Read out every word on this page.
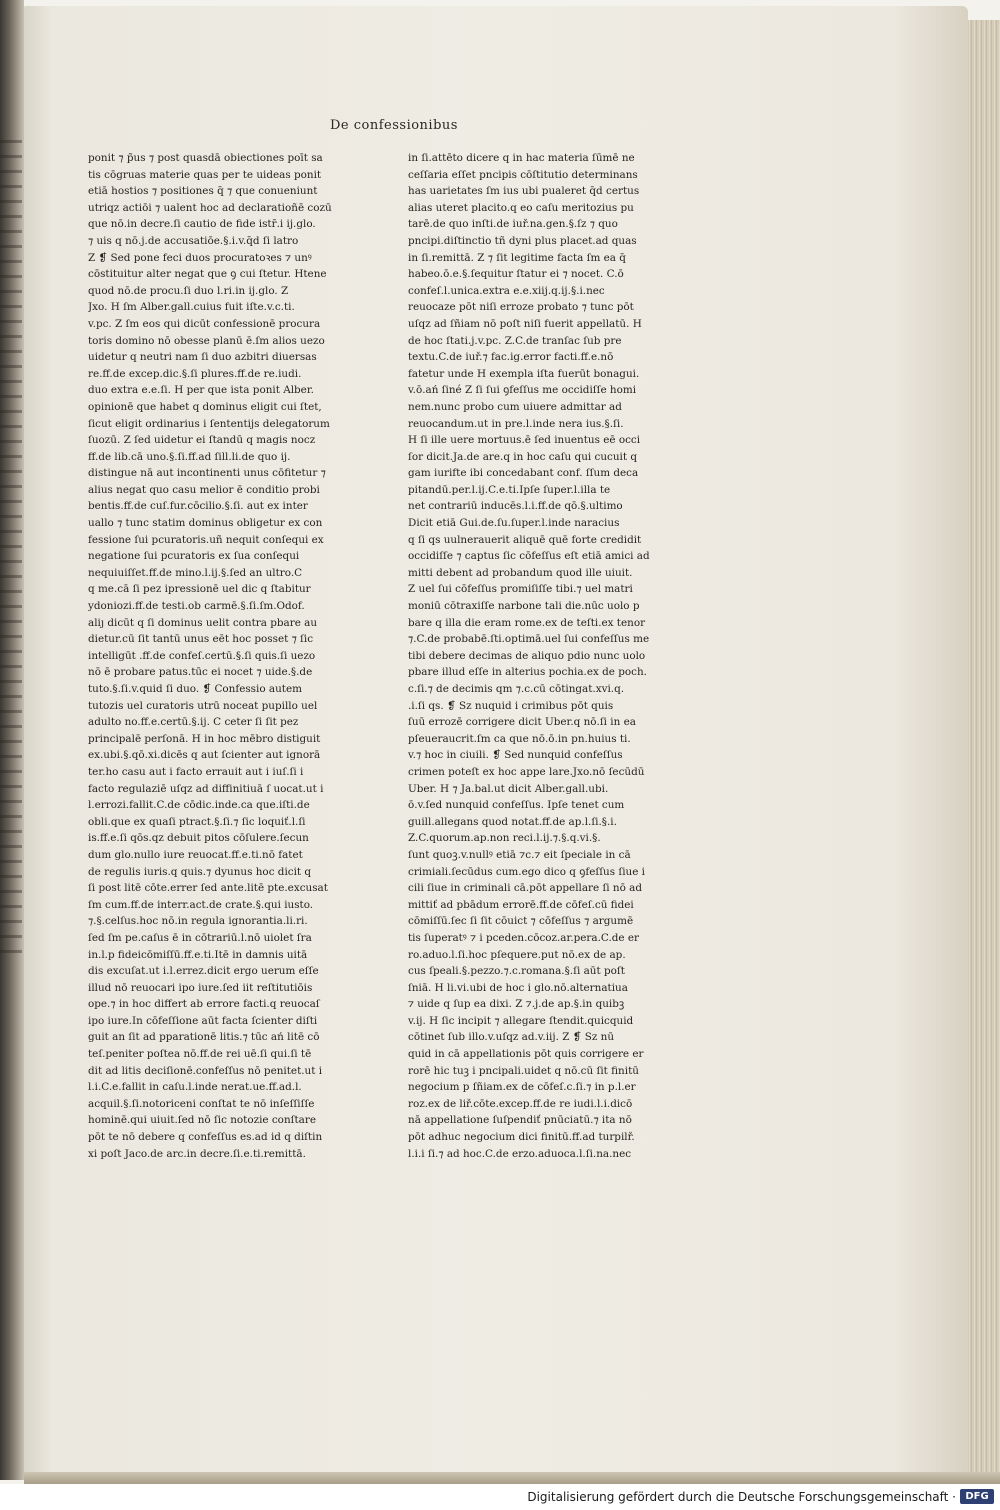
De confessionibus
ponit ⁊ p̃us ⁊ post quasdā obiectiones poīt sa
tis cōgruas materie quas per te uideas ponit
etiā hostios ⁊ positiones q̄ ⁊ que conueniunt
utriqz actiōi ⁊ ualent hoc ad declaratioñē cozū
que nō.in decre.ſi cautio de fide istr̄.i ij.glo.
⁊ uis q nō.j.de accusatiōe.§.i.v.q̄d ſi latro
Z ❡ Sed pone feci duos procuratoꝛes ⁊ unꝰ
cōstituitur alter negat que ꝯ cui ſtetur. Htene
quod nō.de procu.ſi duo l.ri.in ij.glo. Z
Jxo. H ſm Alber.gall.cuius fuit iſte.v.c.ti.
v.pc. Z ſm eos qui dicūt confessionē procura
toris domino nō obesse planū ē.ſm alios uezo
uidetur q neutri nam ſi duo azbitri diuersas
re.ff.de excep.dic.§.ſi plures.ff.de re.iudi.
duo extra e.e.ſi. H per que ista ponit Alber.
opinionē que habet q dominus eligit cui ſtet,
ſicut eligit ordinarius i ſententijs delegatorum
ſuozū. Z ſed uidetur ei ſtandū q magis nocz
ff.de lib.cā uno.§.ſi.ff.ad ſill.li.de quo ij.
distingue nā aut incontinenti unus cōfitetur ⁊
alius negat quo casu melior ē conditio probi
bentis.ff.de cuſ.fur.cōcilio.§.ſi. aut ex inter
uallo ⁊ tunc statim dominus obligetur ex con
fessione ſui pcuratoris.uñ nequit conſequi ex
negatione ſui pcuratoris ex ſua conſequi
nequiuiſſet.ff.de mino.l.ij.§.ſed an ultro.C
q me.cā ſi pez ipressionē uel dic q ſtabitur
ydoniozi.ff.de testi.ob carmē.§.ſi.ſm.Odof.
aliȷ dicūt q ſi dominus uelit contra pbare au
dietur.cū ſit tantū unus eēt hoc posset ⁊ ſic
intelligūt .ff.de confeſ.certū.§.ſi quis.ſi uezo
nō ē probare patus.tūc ei nocet ⁊ uide.§.de
tuto.§.ſi.v.quid ſi duo. ❡ Confessio autem
tutozis uel curatoris utrū noceat pupillo uel
adulto no.ff.e.certū.§.ij. C ceter ſi ſit pez
principalē perſonā. H in hoc mēbro distiguit
ex.ubi.§.qō.xi.dicēs q aut ſcienter aut ignorā
ter.ho casu aut i facto errauit aut i iuſ.ſi i
facto regulaziē uſqz ad diffinitiuā ſ uocat.ut i
l.errozi.fallit.C.de cōdic.inde.ca que.iſti.de
obli.que ex quaſi ptract.§.ſi.⁊ ſic loquiť.l.ſi
is.ff.e.ſi qōs.qz debuit pitos cōſulere.ſecun
dum glo.nullo iure reuocat.ff.e.ti.nō fatet
de regulis iuris.q quis.⁊ dyunus hoc dicit q
ſi post litē cōte.errer ſed ante.litē pte.excusat
ſm cum.ff.de interr.act.de crate.§.qui iusto.
⁊.§.celſus.hoc nō.in regula ignorantia.li.ri.
ſed ſm pe.caſus ē in cōtrariū.l.nō uiolet ſra
in.l.p fideicōmiſſū.ff.e.ti.Itē in damnis uitā
dis excuſat.ut i.l.errez.dicit ergo uerum eſſe
illud nō reuocari ipo iure.ſed iit reſtitutiōis
ope.⁊ in hoc differt ab errore facti.q reuocaſ
ipo iure.In cōfeſſione aūt facta ſcienter diſti
guit an ſit ad pparationē litis.⁊ tūc ań litē cō
teſ.peniter poſtea nō.ff.de rei uē.ſi qui.ſi tē
dit ad litis deciſionē.confeſſus nō penitet.ut i
l.i.C.e.fallit in caſu.l.inde nerat.ue.ff.ad.l.
acquil.§.ſi.notoriceni conſtat te nō inſeſſiſſe
hominē.qui uiuit.ſed nō ſic notozie conſtare
pōt te nō debere q confeſſus es.ad id q diſtin
xi poſt Jaco.de arc.in decre.ſi.e.ti.remittā.
in ſi.attēto dicere q in hac materia ſūmē ne
ceſſaria eſſet pncipis cōſtitutio determinans
has uarietates ſm ius ubi pualeret q̄d certus
alias uteret placito.q eo caſu meritozius pu
tarē.de quo inſti.de iuř.na.gen.§.ſz ⁊ quo
pncipi.diſtinctio tñ dyni plus placet.ad quas
in ſi.remittā. Z ⁊ ſit legitime facta ſm ea q̄
habeo.ō.e.§.ſequitur ſtatur ei ⁊ nocet. C.ō
confeſ.l.unica.extra e.e.xiij.q.ij.§.i.nec
reuocaze pōt niſi erroze probato ⁊ tunc pōt
uſqz ad ſñiam nō poſt niſi fuerit appellatū. H
de hoc ſtati.j.v.pc. Z.C.de tranſac ſub pre
textu.C.de iuř.⁊ fac.ig.error facti.ff.e.nō
fatetur unde H exempla iſta fuerūt bonagui.
v.ō.ań ſiné Z ſi ſui ꝯfeſſus me occidiſſe homi
nem.nunc probo cum uiuere admittar ad
reuocandum.ut in pre.l.inde nera ius.§.ſi.
H ſi ille uere mortuus.ē ſed inuentus eē occi
ſor dicit.Ja.de are.q in hoc caſu qui cucuit q
gam iurifte ibi concedabant conf. ſſum deca
pitandū.per.l.ij.C.e.ti.Ipſe ſuper.l.illa te
net contrariū inducēs.l.i.ff.de qō.§.ultimo
Dicit etiā Gui.de.ſu.ſuper.l.inde naracius
q ſi qs uulnerauerit aliquē quē forte credidit
occidiſſe ⁊ captus ſic cōfeſſus eſt etiā amici ad
mitti debent ad probandum quod ille uiuit.
Z uel ſui cōfeſſus promiſiſſe tibi.⁊ uel matri
moniū cōtraxiſſe narbone tali die.nūc uolo p
bare q illa die eram rome.ex de teſti.ex tenor
⁊.C.de probabē.ſti.optimā.uel ſui confeſſus me
tibi debere decimas de aliquo pdio nunc uolo
pbare illud eſſe in alterius pochia.ex de poch.
c.ſi.⁊ de decimis qm ⁊.c.cū cōtingat.xvi.q.
.i.ſi qs. ❡ Sz nuquid i crimibus pōt quis
ſuū errozē corrigere dicit Uber.q nō.ſi in ea
pſeueraucrit.ſm ca que nō.ō.in pn.huius ti.
v.⁊ hoc in ciuili. ❡ Sed nunquid confeſſus
crimen poteſt ex hoc appe lare.Jxo.nō ſecūdū
Uber. H ⁊ Ja.bal.ut dicit Alber.gall.ubi.
ō.v.ſed nunquid confeſſus. Ipſe tenet cum
guill.allegans quod notat.ff.de ap.l.ſi.§.i.
Z.C.quorum.ap.non reci.l.ij.⁊.§.q.vi.§.
ſunt quoꝫ.v.nullꝰ etiā ⁊c.⁊ eit ſpeciale in cā
crimiali.ſecūdus cum.ego dico q ꝯfeſſus ſiue i
cili ſiue in criminali cā.pōt appellare ſi nō ad
mittiť ad pbādum errorē.ff.de cōfeſ.cū fidei
cōmiſſū.ſec ſi ſit cōuict ⁊ cōfeſſus ⁊ argumē
tis ſuperatꝰ ⁊ i pceden.cōcoz.ar.pera.C.de er
ro.aduo.l.ſi.hoc pſequere.put nō.ex de ap.
cus ſpeali.§.pezzo.⁊.c.romana.§.ſi aūt poſt
ſniā. H li.vi.ubi de hoc i glo.nō.alternatiua
⁊ uide q ſup ea dixi. Z ⁊.j.de ap.§.in quibꝫ
v.ij. H ſic incipit ⁊ allegare ſtendit.quicquid
cōtinet ſub illo.v.uſqz ad.v.iij. Z ❡ Sz nū
quid in cā appellationis pōt quis corrigere er
rorē hic tuꝫ i pncipali.uidet q nō.cū ſit finitū
negocium p ſñiam.ex de cōfeſ.c.ſi.⁊ in p.l.er
roz.ex de liř.cōte.excep.ff.de re iudi.l.i.dicō
nā appellatione ſuſpendiť pnūciatū.⁊ ita nō
pōt adhuc negocium dici finitū.ff.ad turpilř.
l.i.i ſi.⁊ ad hoc.C.de erzo.aduoca.l.ſi.na.nec
Digitalisierung gefördert durch die Deutsche Forschungsgemeinschaft · DFG
